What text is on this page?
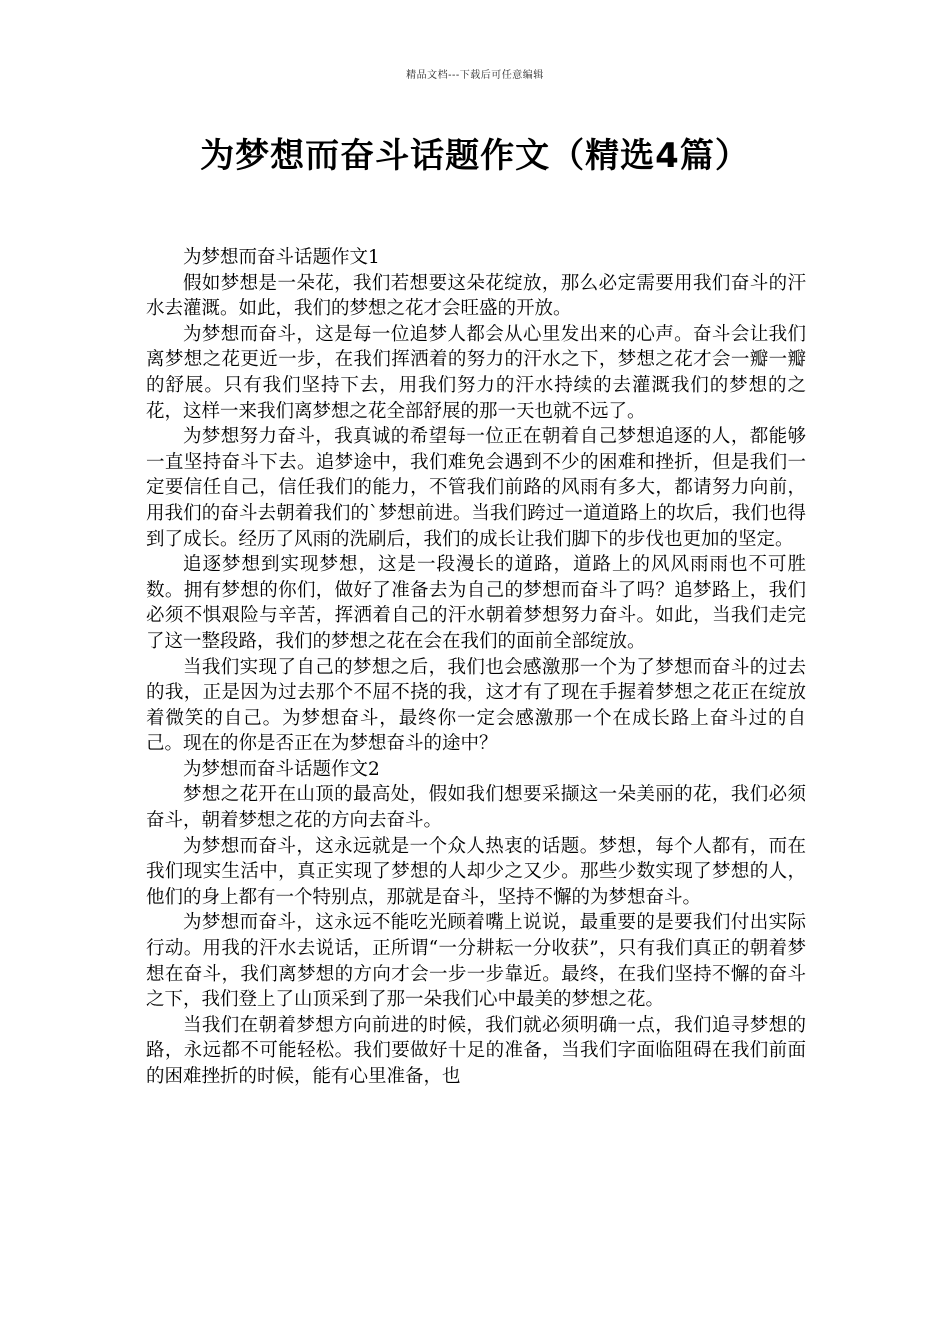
精品文档---下载后可任意编辑
为梦想而奋斗话题作文（精选4篇）

为梦想而奋斗话题作文1

假如梦想是一朵花，我们若想要这朵花绽放，那么必定需要用我们奋斗的汗水去灌溉。如此，我们的梦想之花才会旺盛的开放。

为梦想而奋斗，这是每一位追梦人都会从心里发出来的心声。奋斗会让我们离梦想之花更近一步，在我们挥洒着的努力的汗水之下，梦想之花才会一瓣一瓣的舒展。只有我们坚持下去，用我们努力的汗水持续的去灌溉我们的梦想的之花，这样一来我们离梦想之花全部舒展的那一天也就不远了。

为梦想努力奋斗，我真诚的希望每一位正在朝着自己梦想追逐的人，都能够一直坚持奋斗下去。追梦途中，我们难免会遇到不少的困难和挫折，但是我们一定要信任自己，信任我们的能力，不管我们前路的风雨有多大，都请努力向前，用我们的奋斗去朝着我们的`梦想前进。当我们跨过一道道路上的坎后，我们也得到了成长。经历了风雨的洗刷后，我们的成长让我们脚下的步伐也更加的坚定。

追逐梦想到实现梦想，这是一段漫长的道路，道路上的风风雨雨也不可胜数。拥有梦想的你们，做好了准备去为自己的梦想而奋斗了吗？追梦路上，我们必须不惧艰险与辛苦，挥洒着自己的汗水朝着梦想努力奋斗。如此，当我们走完了这一整段路，我们的梦想之花在会在我们的面前全部绽放。

当我们实现了自己的梦想之后，我们也会感激那一个为了梦想而奋斗的过去的我，正是因为过去那个不屈不挠的我，这才有了现在手握着梦想之花正在绽放着微笑的自己。为梦想奋斗，最终你一定会感激那一个在成长路上奋斗过的自己。现在的你是否正在为梦想奋斗的途中？

为梦想而奋斗话题作文2

梦想之花开在山顶的最高处，假如我们想要采撷这一朵美丽的花，我们必须奋斗，朝着梦想之花的方向去奋斗。

为梦想而奋斗，这永远就是一个众人热衷的话题。梦想，每个人都有，而在我们现实生活中，真正实现了梦想的人却少之又少。那些少数实现了梦想的人，他们的身上都有一个特别点，那就是奋斗，坚持不懈的为梦想奋斗。

为梦想而奋斗，这永远不能吃光顾着嘴上说说，最重要的是要我们付出实际行动。用我的汗水去说话，正所谓“一分耕耘一分收获”，只有我们真正的朝着梦想在奋斗，我们离梦想的方向才会一步一步靠近。最终，在我们坚持不懈的奋斗之下，我们登上了山顶采到了那一朵我们心中最美的梦想之花。

当我们在朝着梦想方向前进的时候，我们就必须明确一点，我们追寻梦想的路，永远都不可能轻松。我们要做好十足的准备，当我们字面临阻碍在我们前面的困难挫折的时候，能有心里准备，也
